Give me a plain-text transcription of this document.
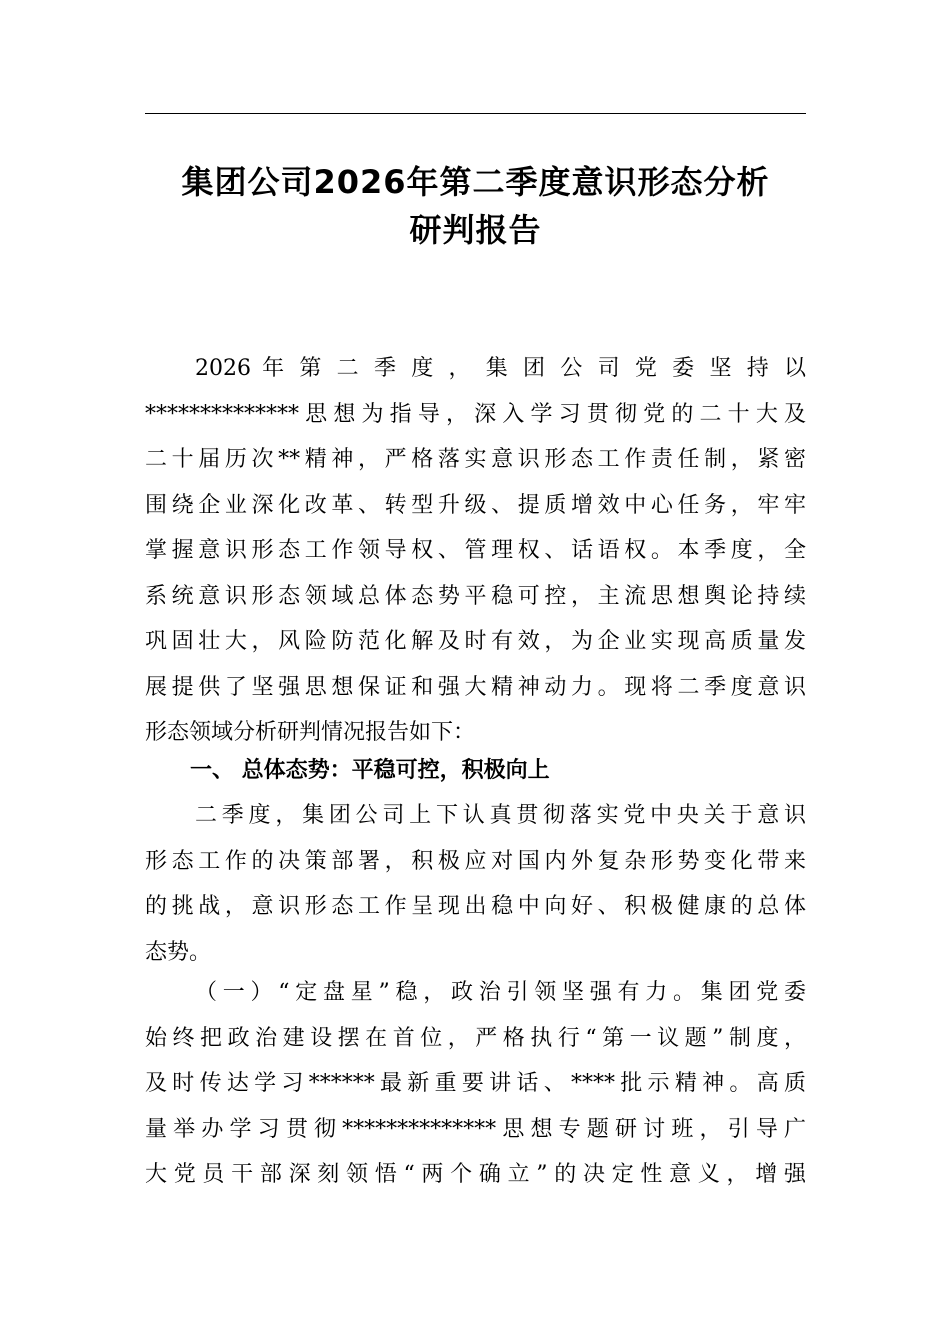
集团公司2026年第二季度意识形态分析
研判报告
2026 年 第 二 季 度 ， 集 团 公 司 党 委 坚 持 以
**************思想为指导，深入学习贯彻党的二十大及
二十届历次**精神，严格落实意识形态工作责任制，紧密
围绕企业深化改革、转型升级、提质增效中心任务，牢牢
掌握意识形态工作领导权、管理权、话语权。本季度，全
系统意识形态领域总体态势平稳可控，主流思想舆论持续
巩固壮大，风险防范化解及时有效，为企业实现高质量发
展提供了坚强思想保证和强大精神动力。现将二季度意识
形态领域分析研判情况报告如下：
一、 总体态势：平稳可控，积极向上
二季度，集团公司上下认真贯彻落实党中央关于意识
形态工作的决策部署，积极应对国内外复杂形势变化带来
的挑战，意识形态工作呈现出稳中向好、积极健康的总体
态势。
（一）“定盘星”稳，政治引领坚强有力。集团党委
始终把政治建设摆在首位，严格执行“第一议题”制度，
及时传达学习******最新重要讲话、****批示精神。高质
量举办学习贯彻**************思想专题研讨班，引导广
大党员干部深刻领悟“两个确立”的决定性意义，增强
